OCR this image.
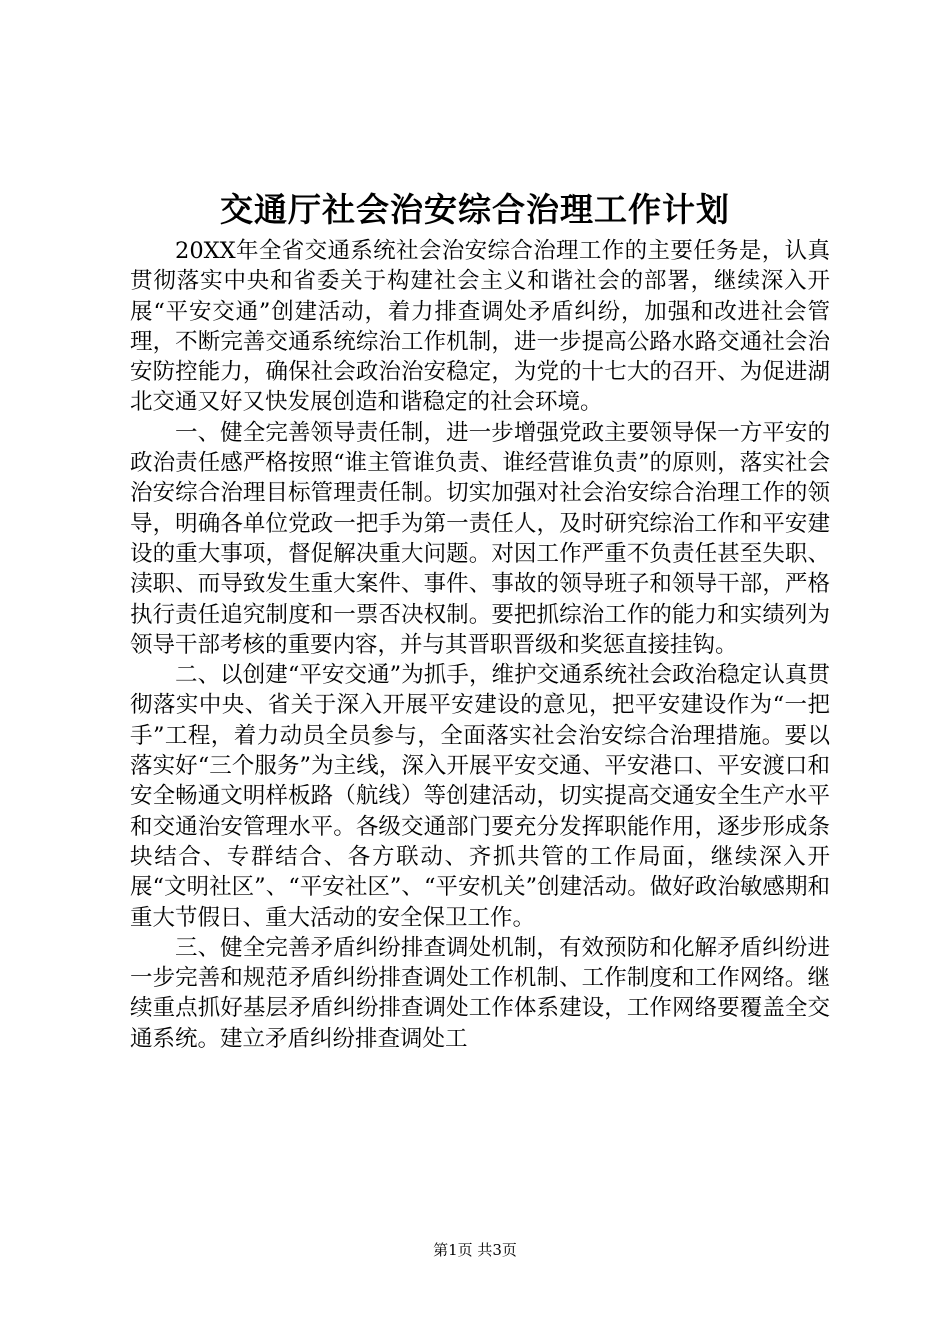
交通厅社会治安综合治理工作计划

20XX年全省交通系统社会治安综合治理工作的主要任务是，认真贯彻落实中央和省委关于构建社会主义和谐社会的部署，继续深入开展“平安交通”创建活动，着力排查调处矛盾纠纷，加强和改进社会管理，不断完善交通系统综治工作机制，进一步提高公路水路交通社会治安防控能力，确保社会政治治安稳定，为党的十七大的召开、为促进湖北交通又好又快发展创造和谐稳定的社会环境。

一、健全完善领导责任制，进一步增强党政主要领导保一方平安的政治责任感严格按照“谁主管谁负责、谁经营谁负责”的原则，落实社会治安综合治理目标管理责任制。切实加强对社会治安综合治理工作的领导，明确各单位党政一把手为第一责任人，及时研究综治工作和平安建设的重大事项，督促解决重大问题。对因工作严重不负责任甚至失职、渎职、而导致发生重大案件、事件、事故的领导班子和领导干部，严格执行责任追究制度和一票否决权制。要把抓综治工作的能力和实绩列为领导干部考核的重要内容，并与其晋职晋级和奖惩直接挂钩。

二、以创建“平安交通”为抓手，维护交通系统社会政治稳定认真贯彻落实中央、省关于深入开展平安建设的意见，把平安建设作为“一把手”工程，着力动员全员参与，全面落实社会治安综合治理措施。要以落实好“三个服务”为主线，深入开展平安交通、平安港口、平安渡口和安全畅通文明样板路（航线）等创建活动，切实提高交通安全生产水平和交通治安管理水平。各级交通部门要充分发挥职能作用，逐步形成条块结合、专群结合、各方联动、齐抓共管的工作局面，继续深入开展“文明社区”、“平安社区”、“平安机关”创建活动。做好政治敏感期和重大节假日、重大活动的安全保卫工作。

三、健全完善矛盾纠纷排查调处机制，有效预防和化解矛盾纠纷进一步完善和规范矛盾纠纷排查调处工作机制、工作制度和工作网络。继续重点抓好基层矛盾纠纷排查调处工作体系建设，工作网络要覆盖全交通系统。建立矛盾纠纷排查调处工

第1页 共3页
